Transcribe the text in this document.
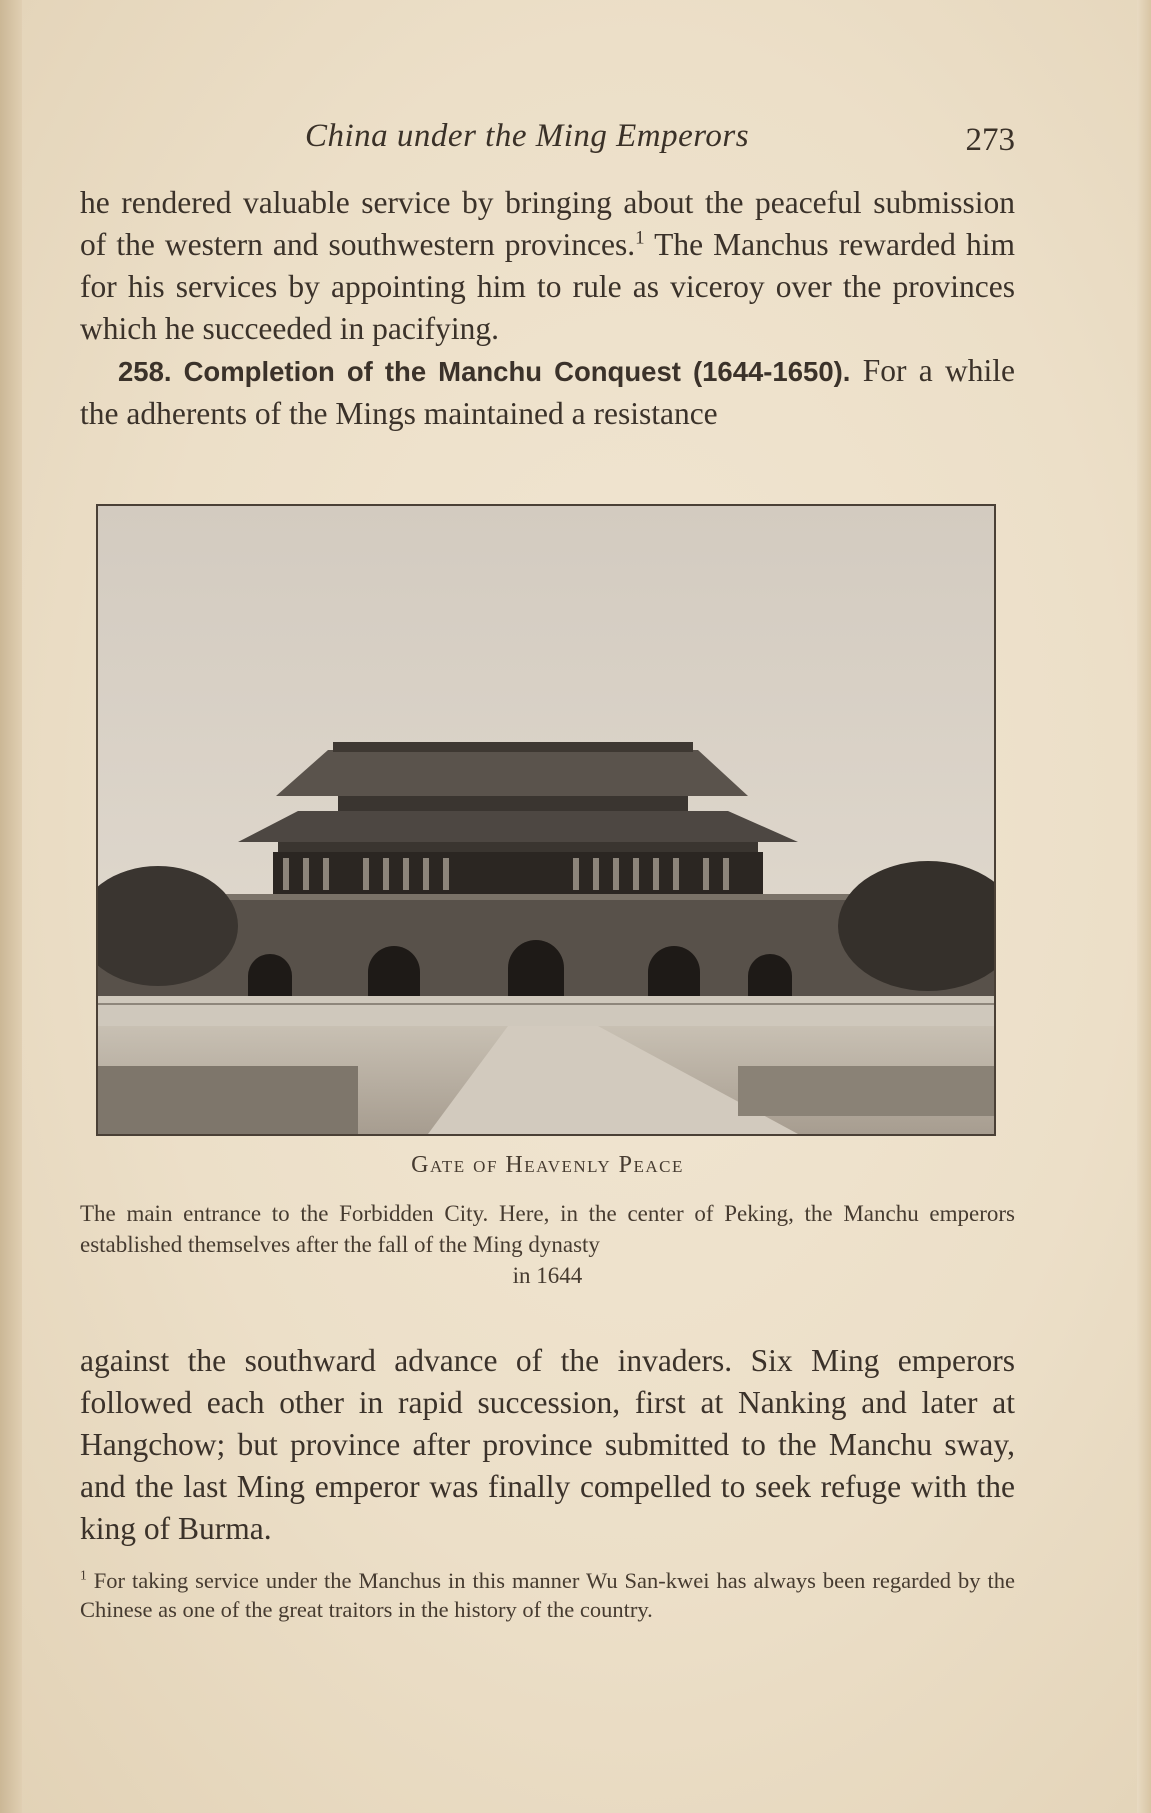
China under the Ming Emperors	273
he rendered valuable service by bringing about the peaceful submission of the western and southwestern provinces.$^1$ The Manchus rewarded him for his services by appointing him to rule as viceroy over the provinces which he succeeded in pacifying.
258. Completion of the Manchu Conquest (1644-1650). For a while the adherents of the Mings maintained a resistance
Gate of Heavenly Peace
The main entrance to the Forbidden City. Here, in the center of Peking, the Manchu emperors established themselves after the fall of the Ming dynasty
in 1644
against the southward advance of the invaders. Six Ming emperors followed each other in rapid succession, first at Nanking and later at Hangchow; but province after province submitted to the Manchu sway, and the last Ming emperor was finally compelled to seek refuge with the king of Burma.
$^1$ For taking service under the Manchus in this manner Wu San-kwei has always been regarded by the Chinese as one of the great traitors in the history of the country.
